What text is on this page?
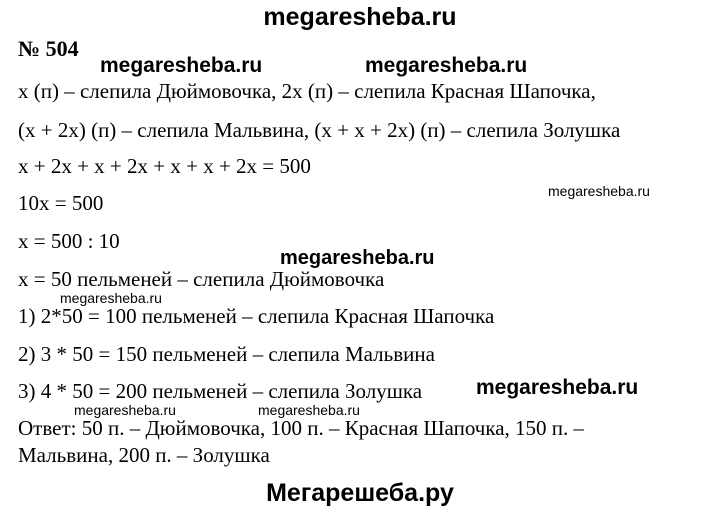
megaresheba.ru
№ 504
x (п) – слепила Дюймовочка, 2x (п) – слепила Красная Шапочка,
(x + 2x) (п) – слепила Мальвина, (x + x + 2x) (п) – слепила Золушка
x + 2x + x + 2x + x + x + 2x = 500
10x = 500
x = 500 : 10
x = 50 пельменей – слепила Дюймовочка
1) 2*50 = 100 пельменей – слепила Красная Шапочка
2) 3 * 50 = 150 пельменей – слепила Мальвина
3) 4 * 50 = 200 пельменей – слепила Золушка
Ответ: 50 п. – Дюймовочка, 100 п. – Красная Шапочка, 150 п. –
Мальвина, 200 п. – Золушка
megaresheba.ru	megaresheba.ru
megaresheba.ru
megaresheba.ru
megaresheba.ru
megaresheba.ru
megaresheba.ru	megaresheba.ru
Мегарешеба.ру
